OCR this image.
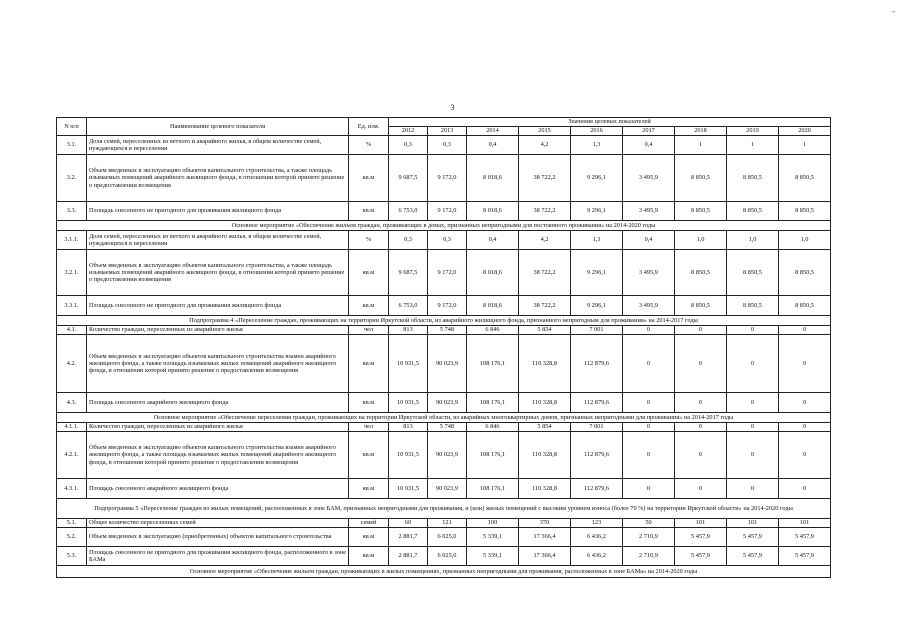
-
3
N п/п	Наименование целевого показателя	Ед. изм.	Значения целевых показателей								
			2012	2013	2014	2015	2016	2017	2018	2019	2020
3.1.	Доля семей, переселенных из ветхого и аварийного жилья, в общем количестве семей, нуждающихся в переселении	%	0,3	0,3	0,4	4,2	1,3	0,4	1	1	1
3.2.	Объем введенных в эксплуатацию объектов капитального строительства, а также площадь изымаемых помещений аварийного жилищного фонда, в отношении которой принято решение о предоставлении возмещения	кв.м	9 687,5	9 172,0	8 018,6	38 722,2	9 296,1	3 495,9	8 850,5	8 850,5	8 850,5
3.3.	Площадь снесенного не пригодного для проживания жилищного фонда	кв.м	6 753,0	9 172,0	8 018,6	38 722,2	9 296,1	3 495,9	8 850,5	8 850,5	8 850,5
Основное мероприятие «Обеспечение жильем граждан, проживающих в домах, признанных непригодными для постоянного проживания» на 2014-2020 годы											
3.1.1.	Доля семей, переселенных из ветхого и аварийного жилья, в общем количестве семей, нуждающихся в переселении	%	0,3	0,3	0,4	4,2	1,3	0,4	1,0	1,0	1,0
3.2.1.	Объем введенных в эксплуатацию объектов капитального строительства, а также площадь изымаемых помещений аварийного жилищного фонда, в отношении которой принято решение о предоставлении возмещения	кв.м	9 687,5	9 172,0	8 018,6	38 722,2	9 296,1	3 495,9	8 850,5	8 850,5	8 850,5
3.3.1.	Площадь снесенного не пригодного для проживания жилищного фонда	кв.м	6 753,0	9 172,0	8 018,6	38 722,2	9 296,1	3 495,9	8 850,5	8 850,5	8 850,5
Подпрограмма 4 «Переселение граждан, проживающих на территории Иркутской области, из аварийного жилищного фонда, признанного непригодным для проживания» на 2014-2017 годы											
4.1.	Количество граждан, переселенных из аварийного жилья	чел	813	5 748	6 846	5 854	7 001	0	0	0	0
4.2.	Объем введенных в эксплуатацию объектов капитального строительства взамен аварийного жилищного фонда, а также площадь изымаемых жилых помещений аварийного жилищного фонда, в отношении которой принято решение о предоставлении возмещения	кв.м	10 931,5	90 023,9	108 176,1	110 328,8	112 879,6	0	0	0	0
4.3.	Площадь снесенного аварийного жилищного фонда	кв.м	10 931,5	90 023,9	108 176,1	110 328,8	112 879,6	0	0	0	0
Основное мероприятие «Обеспечение переселения граждан, проживающих на территории Иркутской области, из аварийных многоквартирных домов, признанных непригодными для проживания» на 2014-2017 годы											
4.1.1.	Количество граждан, переселенных из аварийного жилья	чел	813	5 748	6 846	5 854	7 001	0	0	0	0
4.2.1.	Объем введенных в эксплуатацию объектов капитального строительства взамен аварийного жилищного фонда, а также площадь изымаемых жилых помещений аварийного жилищного фонда, в отношении которой принято решение о предоставлении возмещения	кв.м	10 931,5	90 023,9	108 176,1	110 328,8	112 879,6	0	0	0	0
4.3.1.	Площадь снесенного аварийного жилищного фонда	кв.м	10 931,5	90 023,9	108 176,1	110 328,8	112 879,6	0	0	0	0
Подпрограмма 5 «Переселение граждан из жилых помещений, расположенных в зоне БАМ, признанных непригодными для проживания, и (или) жилых помещений с высоким уровнем износа (более 70 %) на территории Иркутской области» на 2014-2020 годы											
5.1.	Общее количество переселенных семей	семей	60	121	100	370	123	50	101	101	101
5.2.	Объем введенных в эксплуатацию (приобретенных) объектов капитального строительства	кв.м	2 881,7	6 025,0	5 339,1	17 366,4	6 436,2	2 710,9	5 457,9	5 457,9	5 457,9
5.3.	Площадь снесенного не пригодного для проживания жилищного фонда, расположенного в зоне БАМа	кв.м	2 881,7	6 025,0	5 339,1	17 366,4	6 436,2	2 710,9	5 457,9	5 457,9	5 457,9
Основное мероприятие «Обеспечение жильем граждан, проживающих в жилых помещениях, признанных непригодными для проживания, расположенных в зоне БАМа» на 2014-2020 годы											
